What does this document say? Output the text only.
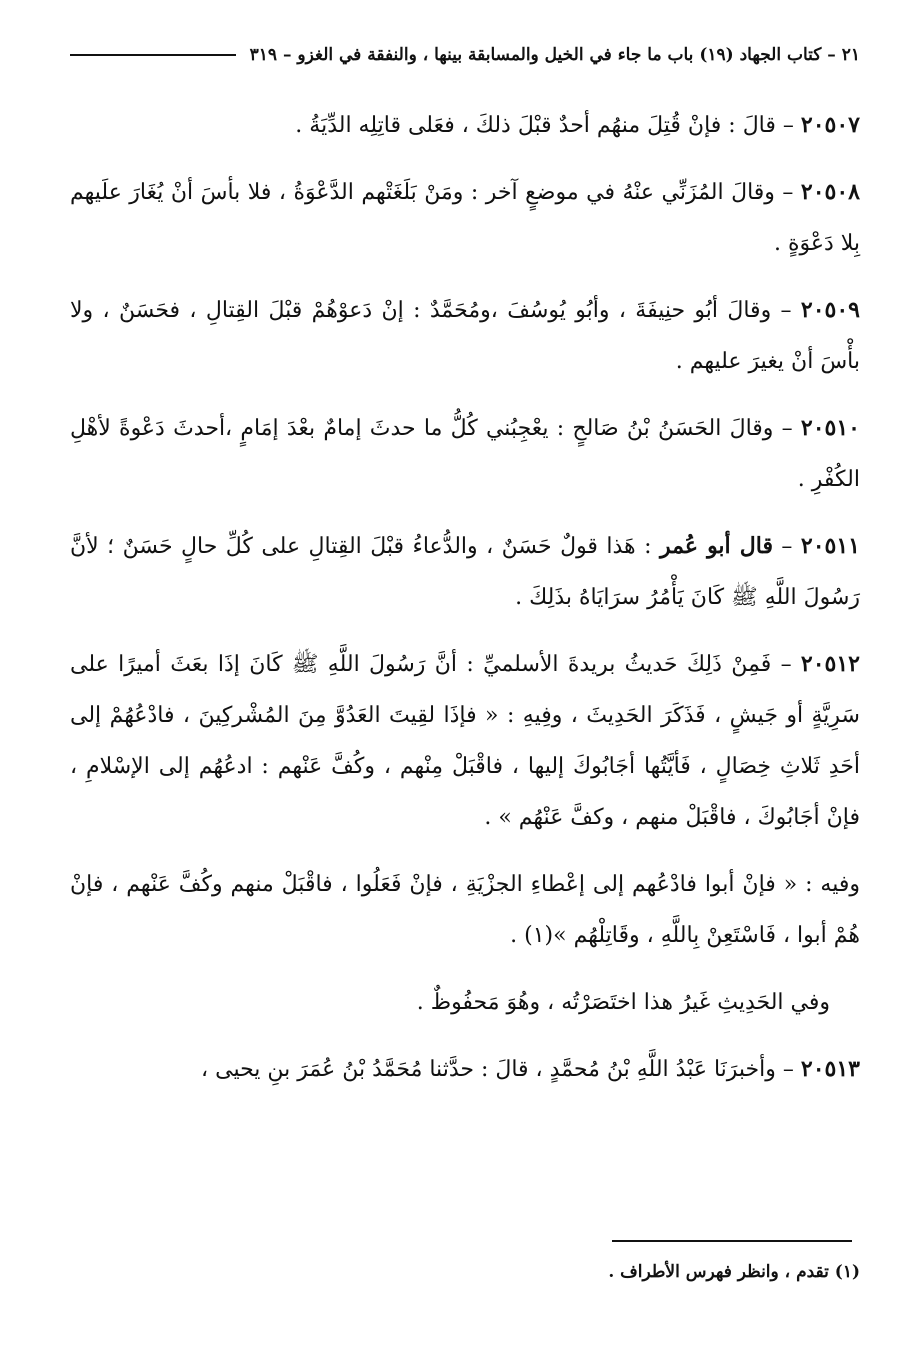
٢١ – كتاب الجهاد (١٩) باب ما جاء في الخيل والمسابقة بينها ، والنفقة في الغزو – ٣١٩

٢٠٥٠٧ – قالَ : فإنْ قُتِلَ منهُم أحدٌ قبْلَ ذلكَ ، فعَلى قاتِلِه الدِّيَةُ .

٢٠٥٠٨ – وقالَ المُزَنِّي عنْهُ في موضعٍ آخر : ومَنْ بَلَغَتْهم الدَّعْوَةُ ، فلا بأسَ أنْ يُغَارَ علَيهم بِلا دَعْوَةٍ .

٢٠٥٠٩ – وقالَ أبُو حنِيفَةَ ، وأبُو يُوسُفَ ،ومُحَمَّدٌ : إنْ دَعوْهُمْ قبْلَ القِتالِ ، فحَسَنٌ ، ولا بأْسَ أنْ يغيرَ عليهم .

٢٠٥١٠ – وقالَ الحَسَنُ بْنُ صَالحٍ : يعْجِبُني كُلُّ ما حدثَ إمامٌ بعْدَ إمَامٍ ،أحدثَ دَعْوةً لأهْلِ الكُفْرِ .

٢٠٥١١ – قال أبو عُمر : هَذا قولٌ حَسَنٌ ، والدُّعاءُ قبْلَ القِتالِ على كُلِّ حالٍ حَسَنٌ ؛ لأنَّ رَسُولَ اللَّهِ ﷺ كَانَ يَأْمُرُ سرَايَاهُ بذَلِكَ .

٢٠٥١٢ – فَمِنْ ذَلِكَ حَديثُ بريدةَ الأسلميِّ : أنَّ رَسُولَ اللَّهِ ﷺ كَانَ إذَا بعَثَ أميرًا على سَرِيَّةٍ أو جَيشٍ ، فَذَكَرَ الحَدِيثَ ، وفِيهِ : « فإذَا لقِيتَ العَدُوَّ مِنَ المُشْركِينَ ، فادْعُهُمْ إلى أحَدِ ثَلاثِ خِصَالٍ ، فَأيَّتُها أجَابُوكَ إليها ، فاقْبَلْ مِنْهم ، وكُفَّ عَنْهم : ادعُهُم إلى الإسْلامِ ، فإنْ أجَابُوكَ ، فاقْبَلْ منهم ، وكفَّ عَنْهُم » .

وفيه : « فإنْ أبوا فادْعُهم إلى إعْطاءِ الجزْيَةِ ، فإنْ فَعَلُوا ، فاقْبَلْ منهم وكُفَّ عَنْهم ، فإنْ هُمْ أبوا ، فَاسْتَعِنْ بِاللَّهِ ، وقَاتِلْهُم »(١) .

وفي الحَدِيثِ غَيرُ هذا اختَصَرْتُه ، وهُوَ مَحفُوظٌ .

٢٠٥١٣ – وأخبرَنَا عَبْدُ اللَّهِ بْنُ مُحمَّدٍ ، قالَ : حدَّثنا مُحَمَّدُ بْنُ عُمَرَ بنِ يحيى ،

(١) تقدم ، وانظر فهرس الأطراف .
